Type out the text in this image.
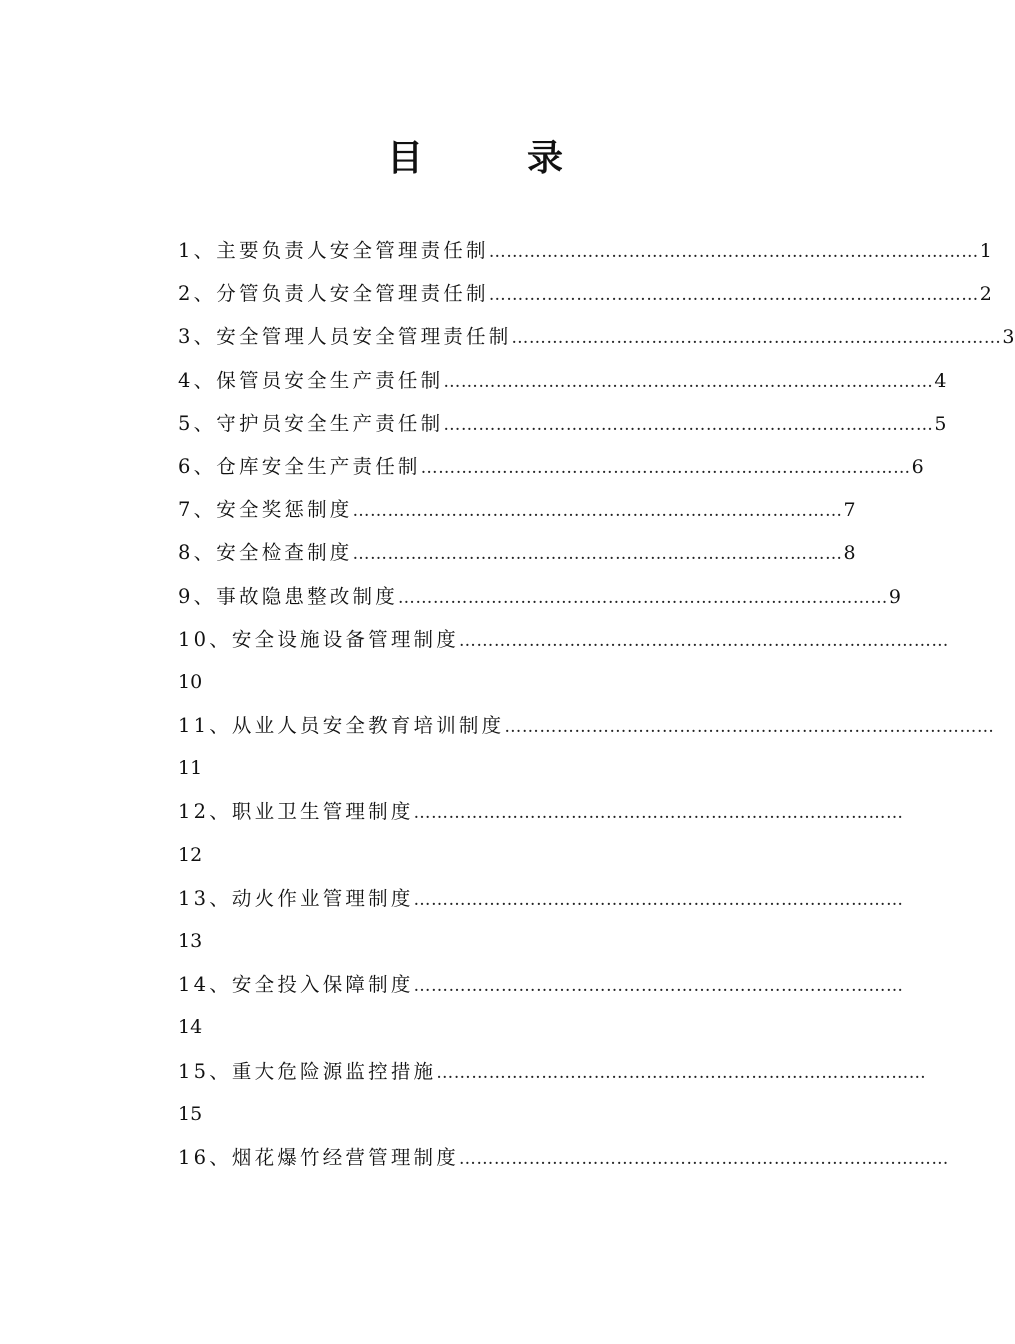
目　录
1、主要负责人安全管理责任制 ………………………………………………………………………… 1
2、分管负责人安全管理责任制 ………………………………………………………………………… 2
3、安全管理人员安全管理责任制 ………………………………………………………………………… 3
4、保管员安全生产责任制 ………………………………………………………………………… 4
5、守护员安全生产责任制 ………………………………………………………………………… 5
6、仓库安全生产责任制 ………………………………………………………………………… 6
7、安全奖惩制度 ………………………………………………………………………… 7
8、安全检查制度 ………………………………………………………………………… 8
9、事故隐患整改制度 ………………………………………………………………………… 9
10、安全设施设备管理制度 …………………………………………………………………………
10
11、从业人员安全教育培训制度 …………………………………………………………………………
11
12、职业卫生管理制度 …………………………………………………………………………
12
13、动火作业管理制度 …………………………………………………………………………
13
14、安全投入保障制度 …………………………………………………………………………
14
15、重大危险源监控措施 …………………………………………………………………………
15
16、烟花爆竹经营管理制度 …………………………………………………………………………
